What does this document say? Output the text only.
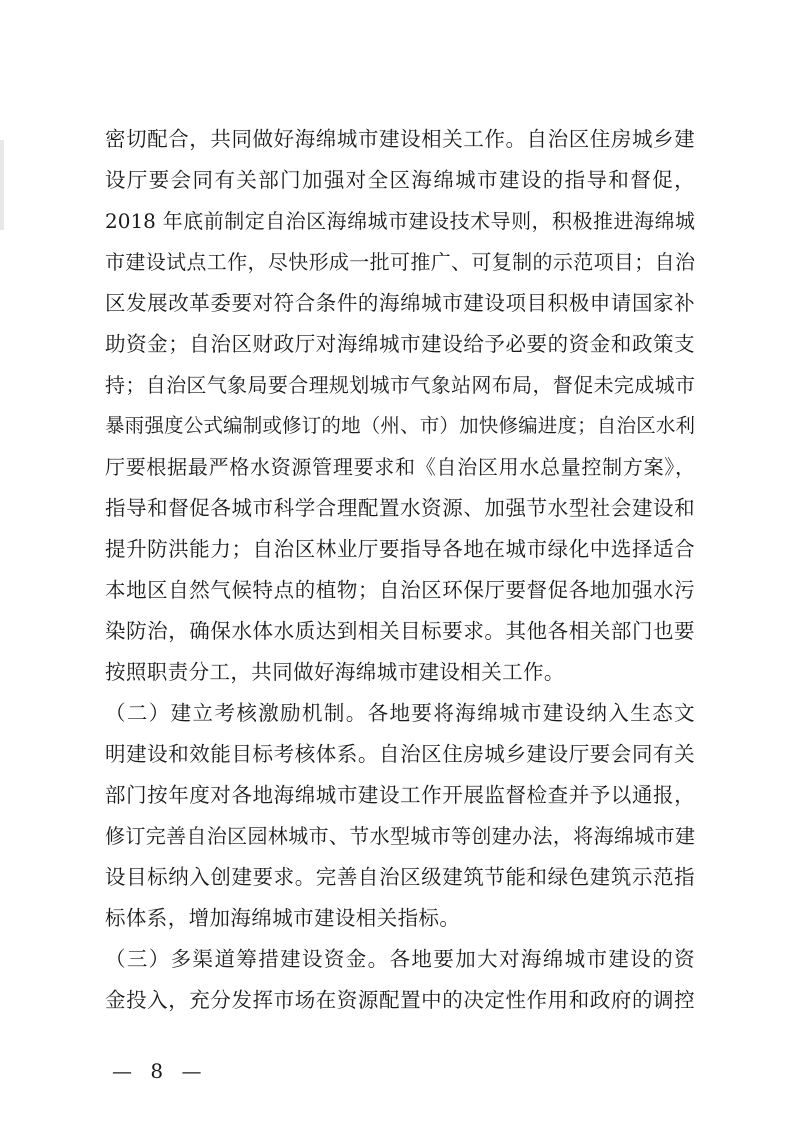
密切配合，共同做好海绵城市建设相关工作。自治区住房城乡建
设厅要会同有关部门加强对全区海绵城市建设的指导和督促，
2018 年底前制定自治区海绵城市建设技术导则，积极推进海绵城
市建设试点工作，尽快形成一批可推广、可复制的示范项目；自治
区发展改革委要对符合条件的海绵城市建设项目积极申请国家补
助资金；自治区财政厅对海绵城市建设给予必要的资金和政策支
持；自治区气象局要合理规划城市气象站网布局，督促未完成城市
暴雨强度公式编制或修订的地（州、市）加快修编进度；自治区水利
厅要根据最严格水资源管理要求和《自治区用水总量控制方案》，
指导和督促各城市科学合理配置水资源、加强节水型社会建设和
提升防洪能力；自治区林业厅要指导各地在城市绿化中选择适合
本地区自然气候特点的植物；自治区环保厅要督促各地加强水污
染防治，确保水体水质达到相关目标要求。其他各相关部门也要
按照职责分工，共同做好海绵城市建设相关工作。
（二）建立考核激励机制。各地要将海绵城市建设纳入生态文
明建设和效能目标考核体系。自治区住房城乡建设厅要会同有关
部门按年度对各地海绵城市建设工作开展监督检查并予以通报，
修订完善自治区园林城市、节水型城市等创建办法，将海绵城市建
设目标纳入创建要求。完善自治区级建筑节能和绿色建筑示范指
标体系，增加海绵城市建设相关指标。
（三）多渠道筹措建设资金。各地要加大对海绵城市建设的资
金投入，充分发挥市场在资源配置中的决定性作用和政府的调控
— 8 —
